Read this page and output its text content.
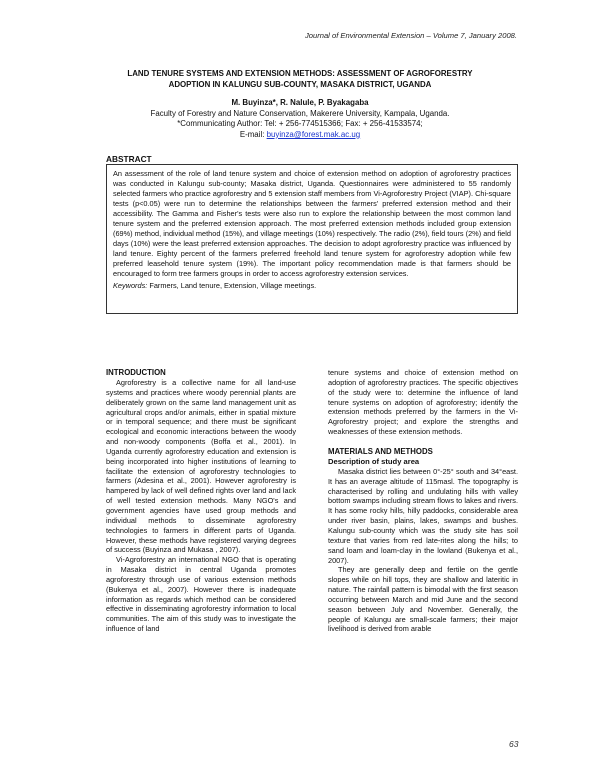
Journal of Environmental Extension – Volume 7, January 2008.
LAND TENURE SYSTEMS AND EXTENSION METHODS: ASSESSMENT OF AGROFORESTRY
ADOPTION IN KALUNGU SUB-COUNTY, MASAKA DISTRICT, UGANDA
M. Buyinza*, R. Nalule, P. Byakagaba
Faculty of Forestry and Nature Conservation, Makerere University, Kampala, Uganda.
*Communicating Author: Tel: + 256-774515366; Fax: + 256-41533574;
E-mail: buyinza@forest.mak.ac.ug
ABSTRACT

An assessment of the role of land tenure system and choice of extension method on adoption of agroforestry practices was conducted in Kalungu sub-county; Masaka district, Uganda. Questionnaires were administered to 55 randomly selected farmers who practice agroforestry and 5 extension staff members from Vi-Agroforestry Project (VIAP). Chi-square tests (p<0.05) were run to determine the relationships between the farmers' preferred extension method and their accessibility. The Gamma and Fisher's tests were also run to explore the relationship between the most common land tenure system and the preferred extension approach. The most preferred extension methods included group extension (69%) method, individual method (15%), and village meetings (10%) respectively. The radio (2%), field tours (2%) and field days (10%) were the least preferred extension approaches. The decision to adopt agroforestry practice was influenced by land tenure. Eighty percent of the farmers preferred freehold land tenure system for agroforestry adoption while few preferred leasehold tenure system (19%). The important policy recommendation made is that farmers should be encouraged to form tree farmers groups in order to access agroforestry extension services.

Keywords: Farmers, Land tenure, Extension, Village meetings.

INTRODUCTION

Agroforestry is a collective name for all land-use systems and practices where woody perennial plants are deliberately grown on the same land management unit as agricultural crops and/or animals, either in spatial mixture or in temporal sequence; and there must be significant ecological and economic interactions between the woody and non-woody components (Boffa et al., 2001). In Uganda currently agroforestry education and extension is being incorporated into higher institutions of learning to facilitate the extension of agroforestry technologies to farmers (Adesina et al., 2001). However agroforestry is hampered by lack of well defined rights over land and lack of well tested extension methods. Many NGO's and government agencies have used group methods and individual methods to disseminate agroforestry technologies to farmers in different parts of Uganda. However, these methods have registered varying degrees of success (Buyinza and Mukasa , 2007).

Vi-Agroforestry an international NGO that is operating in Masaka district in central Uganda promotes agroforestry through use of various extension methods (Bukenya et al., 2007). However there is inadequate information as regards which method can be considered effective in disseminating agroforestry information to local communities. The aim of this study was to investigate the influence of land

tenure systems and choice of extension method on adoption of agroforestry practices. The specific objectives of the study were to: determine the influence of land tenure systems on adoption of agroforestry; identify the extension methods preferred by the farmers in the Vi-Agroforestry project; and explore the strengths and weaknesses of these extension methods.

MATERIALS AND METHODS
Description of study area

Masaka district lies between 0°-25° south and 34°east. It has an average altitude of 115masl. The topography is characterised by rolling and undulating hills with valley bottom swamps including stream flows to lakes and rivers. It has some rocky hills, hilly paddocks, considerable area under river basin, plains, lakes, swamps and bushes. Kalungu sub-county which was the study site has soil texture that varies from red late-rites along the hills; to sand loam and loam-clay in the lowland (Bukenya et al., 2007).

They are generally deep and fertile on the gentle slopes while on hill tops, they are shallow and lateritic in nature. The rainfall pattern is bimodal with the first season occurring between March and mid June and the second season between July and November. Generally, the people of Kalungu are small-scale farmers; their major livelihood is derived from arable

63
